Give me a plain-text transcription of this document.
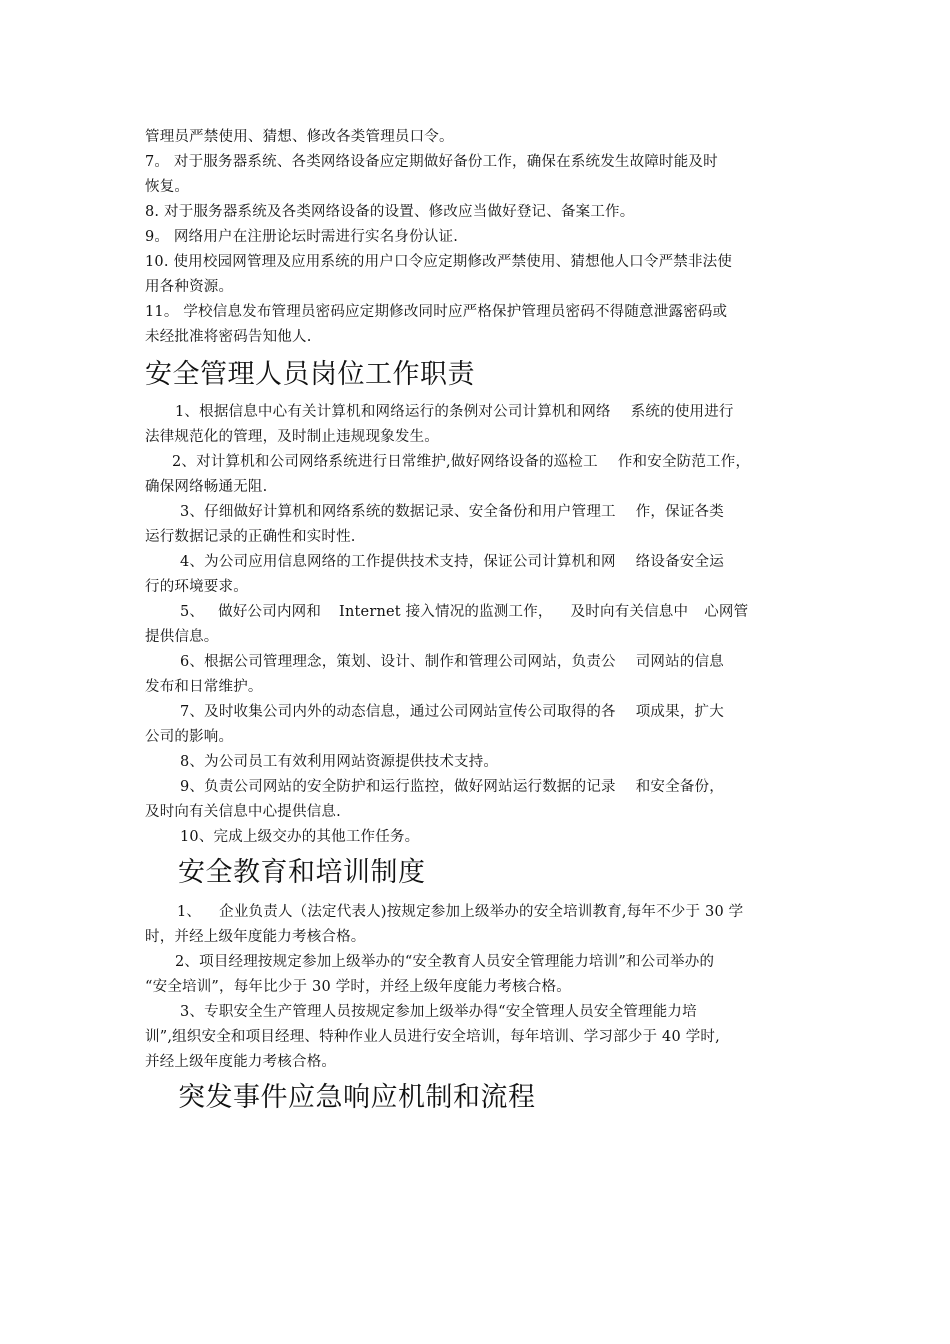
管理员严禁使用、猜想、修改各类管理员口令。
7。 对于服务器系统、各类网络设备应定期做好备份工作，确保在系统发生故障时能及时
恢复。
8. 对于服务器系统及各类网络设备的设置、修改应当做好登记、备案工作。
9。 网络用户在注册论坛时需进行实名身份认证.
10. 使用校园网管理及应用系统的用户口令应定期修改严禁使用、猜想他人口令严禁非法使
用各种资源。
11。 学校信息发布管理员密码应定期修改同时应严格保护管理员密码不得随意泄露密码或
未经批准将密码告知他人.
安全管理人员岗位工作职责
1、根据信息中心有关计算机和网络运行的条例对公司计算机和网络 系统的使用进行
法律规范化的管理，及时制止违规现象发生。
2、对计算机和公司网络系统进行日常维护,做好网络设备的巡检工 作和安全防范工作，
确保网络畅通无阻.
3、仔细做好计算机和网络系统的数据记录、安全备份和用户管理工 作，保证各类
运行数据记录的正确性和实时性.
4、为公司应用信息网络的工作提供技术支持，保证公司计算机和网 络设备安全运
行的环境要求。
5、 做好公司内网和 Internet 接入情况的监测工作， 及时向有关信息中 心网管
提供信息。
6、根据公司管理理念，策划、设计、制作和管理公司网站，负责公 司网站的信息
发布和日常维护。
7、及时收集公司内外的动态信息，通过公司网站宣传公司取得的各 项成果，扩大
公司的影响。
8、为公司员工有效利用网站资源提供技术支持。
9、负责公司网站的安全防护和运行监控，做好网站运行数据的记录 和安全备份，
及时向有关信息中心提供信息.
10、完成上级交办的其他工作任务。
安全教育和培训制度
1、 企业负责人（法定代表人)按规定参加上级举办的安全培训教育,每年不少于 30 学
时，并经上级年度能力考核合格。
2、项目经理按规定参加上级举办的“安全教育人员安全管理能力培训”和公司举办的
“安全培训”，每年比少于 30 学时，并经上级年度能力考核合格。
3、专职安全生产管理人员按规定参加上级举办得“安全管理人员安全管理能力培
训”,组织安全和项目经理、特种作业人员进行安全培训，每年培训、学习部少于 40 学时,
并经上级年度能力考核合格。
突发事件应急响应机制和流程
